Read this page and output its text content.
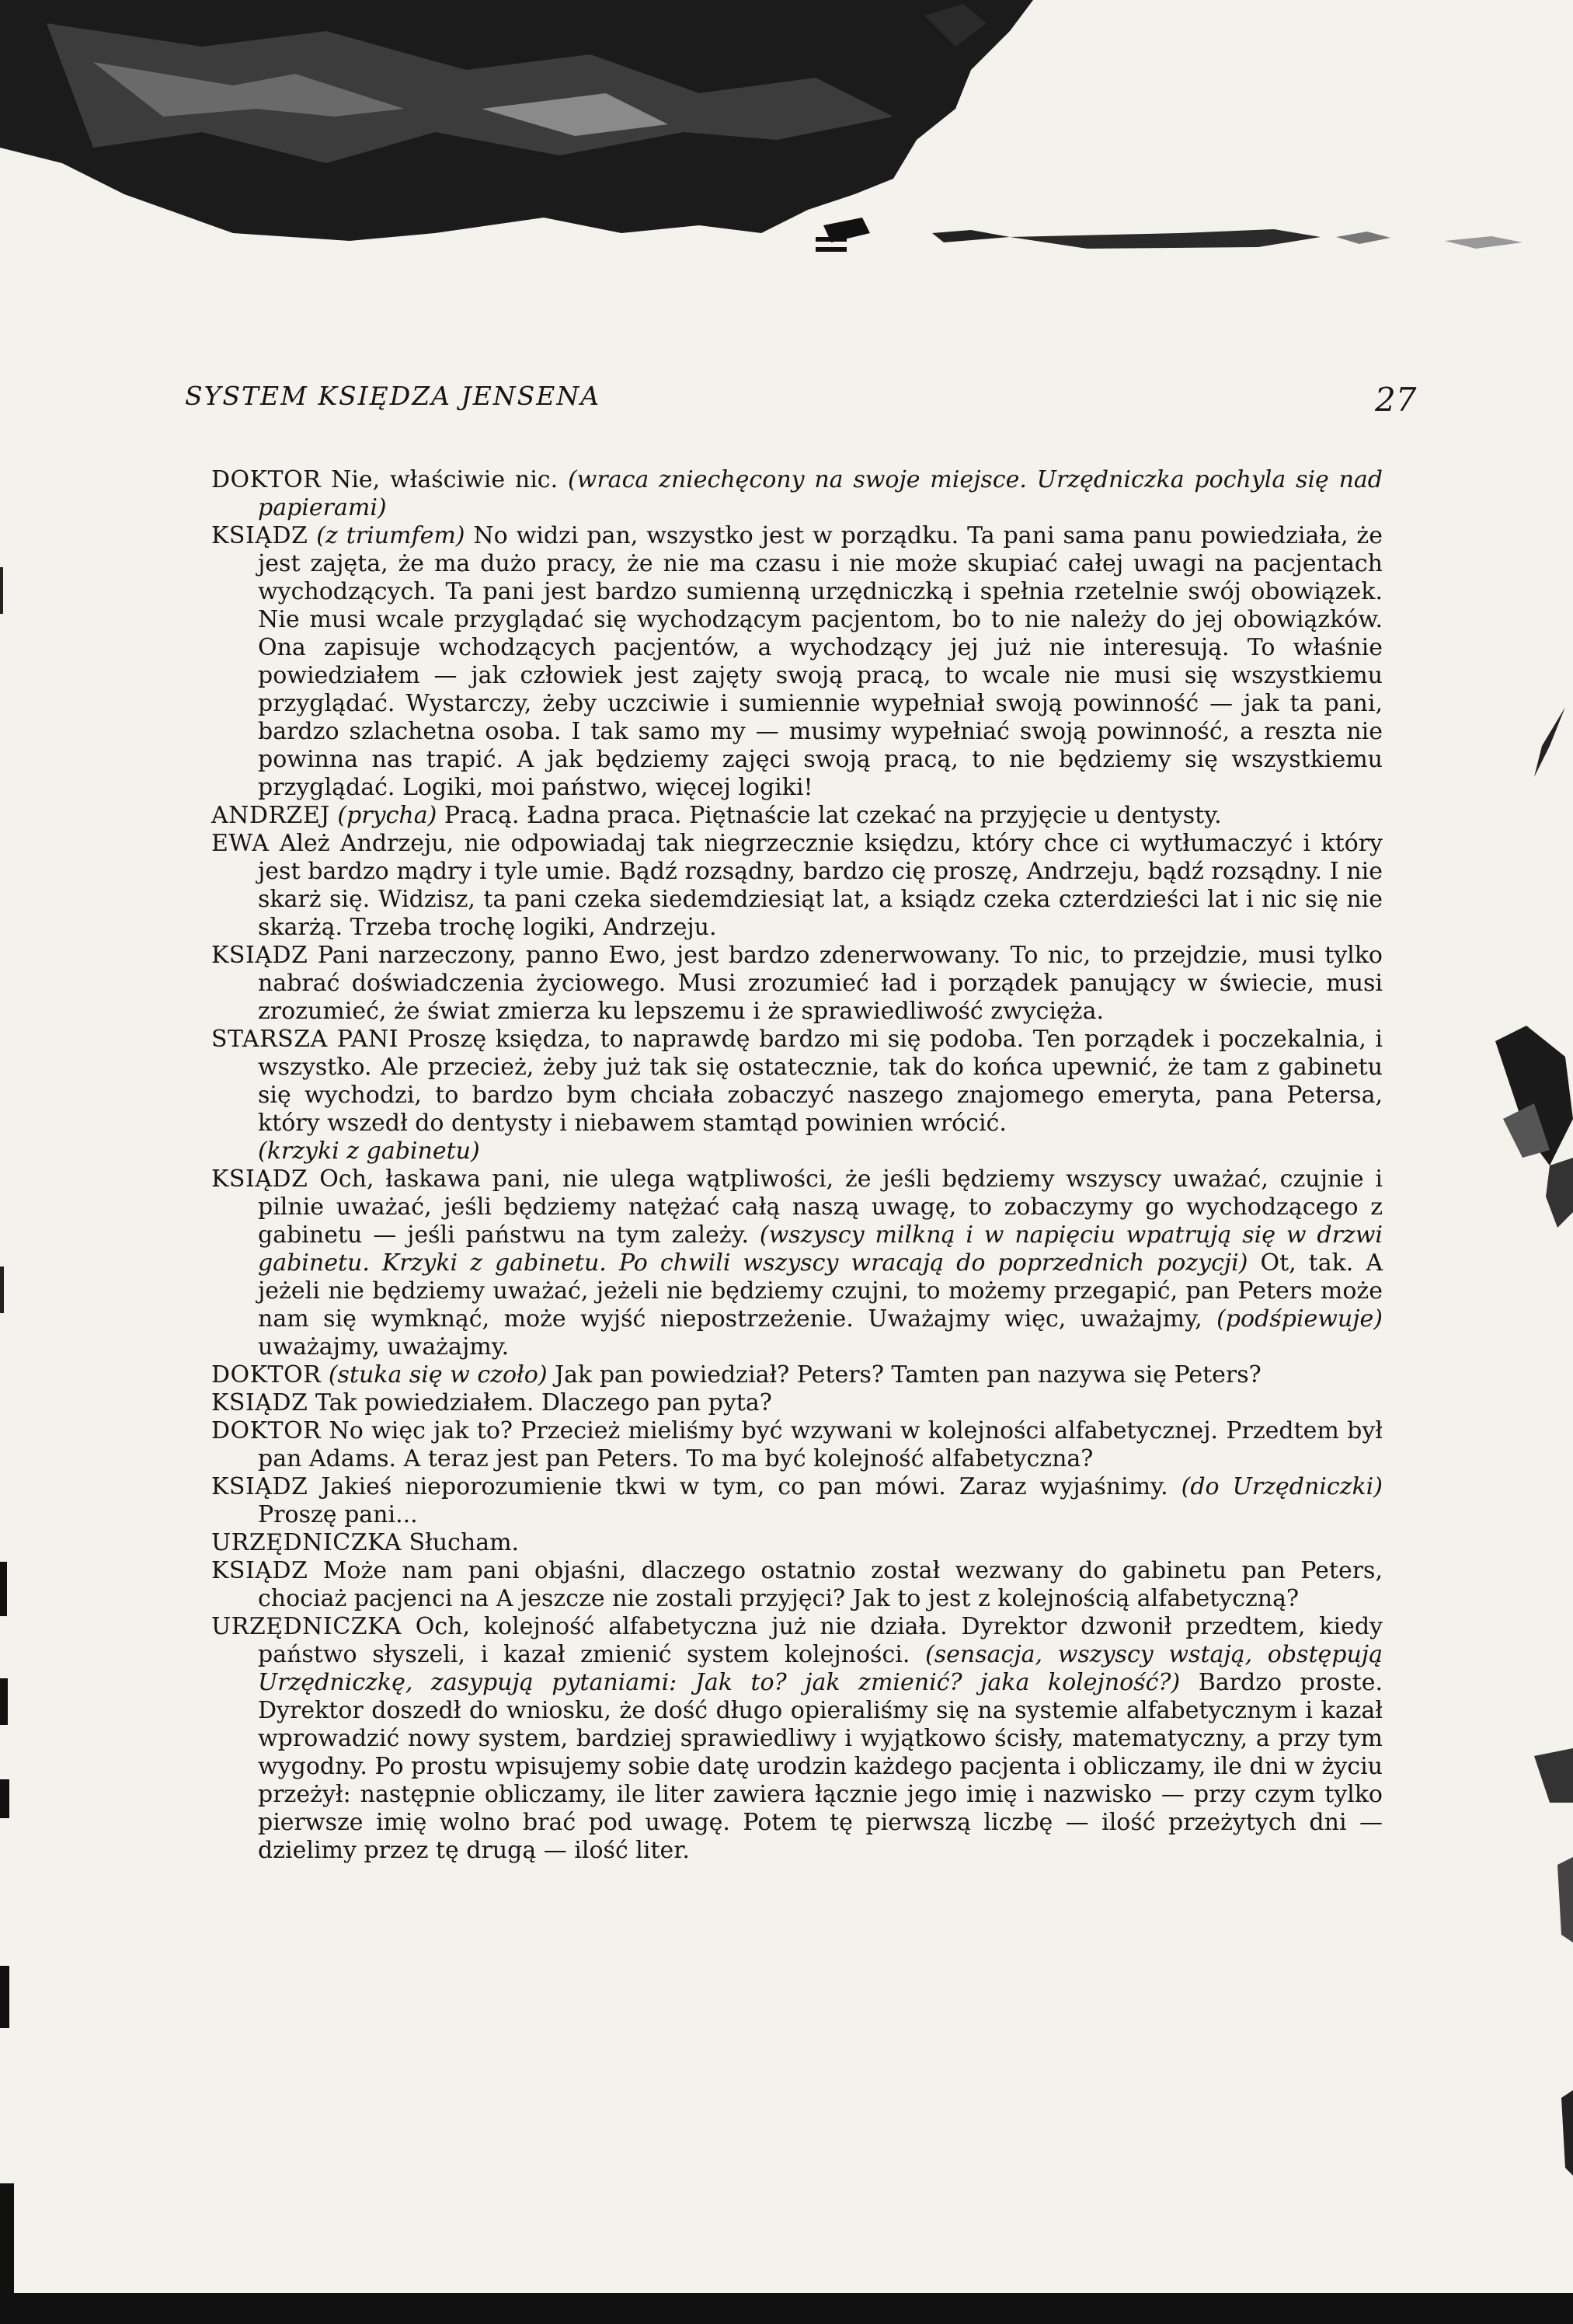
SYSTEM KSIĘDZA JENSENA	27

DOKTOR Nie, właściwie nic. (wraca zniechęcony na swoje miejsce. Urzędniczka pochyla się nad papierami)

KSIĄDZ (z triumfem) No widzi pan, wszystko jest w porządku. Ta pani sama panu powiedziała, że jest zajęta, że ma dużo pracy, że nie ma czasu i nie może skupiać całej uwagi na pacjentach wychodzących. Ta pani jest bardzo sumienną urzędniczką i spełnia rzetelnie swój obowiązek. Nie musi wcale przyglądać się wychodzącym pacjentom, bo to nie należy do jej obowiązków. Ona zapisuje wchodzących pacjentów, a wychodzący jej już nie interesują. To właśnie powiedziałem — jak człowiek jest zajęty swoją pracą, to wcale nie musi się wszystkiemu przyglądać. Wystarczy, żeby uczciwie i sumiennie wypełniał swoją powinność — jak ta pani, bardzo szlachetna osoba. I tak samo my — musimy wypełniać swoją powinność, a reszta nie powinna nas trapić. A jak będziemy zajęci swoją pracą, to nie będziemy się wszystkiemu przyglądać. Logiki, moi państwo, więcej logiki!

ANDRZEJ (prycha) Pracą. Ładna praca. Piętnaście lat czekać na przyjęcie u dentysty.

EWA Ależ Andrzeju, nie odpowiadaj tak niegrzecznie księdzu, który chce ci wytłumaczyć i który jest bardzo mądry i tyle umie. Bądź rozsądny, bardzo cię proszę, Andrzeju, bądź rozsądny. I nie skarż się. Widzisz, ta pani czeka siedemdziesiąt lat, a ksiądz czeka czterdzieści lat i nic się nie skarżą. Trzeba trochę logiki, Andrzeju.

KSIĄDZ Pani narzeczony, panno Ewo, jest bardzo zdenerwowany. To nic, to przejdzie, musi tylko nabrać doświadczenia życiowego. Musi zrozumieć ład i porządek panujący w świecie, musi zrozumieć, że świat zmierza ku lepszemu i że sprawiedliwość zwycięża.

STARSZA PANI Proszę księdza, to naprawdę bardzo mi się podoba. Ten porządek i poczekalnia, i wszystko. Ale przecież, żeby już tak się ostatecznie, tak do końca upewnić, że tam z gabinetu się wychodzi, to bardzo bym chciała zobaczyć naszego znajomego emeryta, pana Petersa, który wszedł do dentysty i niebawem stamtąd powinien wrócić.

(krzyki z gabinetu)

KSIĄDZ Och, łaskawa pani, nie ulega wątpliwości, że jeśli będziemy wszyscy uważać, czujnie i pilnie uważać, jeśli będziemy natężać całą naszą uwagę, to zobaczymy go wychodzącego z gabinetu — jeśli państwu na tym zależy. (wszyscy milkną i w napięciu wpatrują się w drzwi gabinetu. Krzyki z gabinetu. Po chwili wszyscy wracają do poprzednich pozycji) Ot, tak. A jeżeli nie będziemy uważać, jeżeli nie będziemy czujni, to możemy przegapić, pan Peters może nam się wymknąć, może wyjść niepostrzeżenie. Uważajmy więc, uważajmy, (podśpiewuje) uważajmy, uważajmy.

DOKTOR (stuka się w czoło) Jak pan powiedział? Peters? Tamten pan nazywa się Peters?

KSIĄDZ Tak powiedziałem. Dlaczego pan pyta?

DOKTOR No więc jak to? Przecież mieliśmy być wzywani w kolejności alfabetycznej. Przedtem był pan Adams. A teraz jest pan Peters. To ma być kolejność alfabetyczna?

KSIĄDZ Jakieś nieporozumienie tkwi w tym, co pan mówi. Zaraz wyjaśnimy. (do Urzędniczki) Proszę pani...

URZĘDNICZKA Słucham.

KSIĄDZ Może nam pani objaśni, dlaczego ostatnio został wezwany do gabinetu pan Peters, chociaż pacjenci na A jeszcze nie zostali przyjęci? Jak to jest z kolejnością alfabetyczną?

URZĘDNICZKA Och, kolejność alfabetyczna już nie działa. Dyrektor dzwonił przedtem, kiedy państwo słyszeli, i kazał zmienić system kolejności. (sensacja, wszyscy wstają, obstępują Urzędniczkę, zasypują pytaniami: Jak to? jak zmienić? jaka kolejność?) Bardzo proste. Dyrektor doszedł do wniosku, że dość długo opieraliśmy się na systemie alfabetycznym i kazał wprowadzić nowy system, bardziej sprawiedliwy i wyjątkowo ścisły, matematyczny, a przy tym wygodny. Po prostu wpisujemy sobie datę urodzin każdego pacjenta i obliczamy, ile dni w życiu przeżył: następnie obliczamy, ile liter zawiera łącznie jego imię i nazwisko — przy czym tylko pierwsze imię wolno brać pod uwagę. Potem tę pierwszą liczbę — ilość przeżytych dni — dzielimy przez tę drugą — ilość liter.
